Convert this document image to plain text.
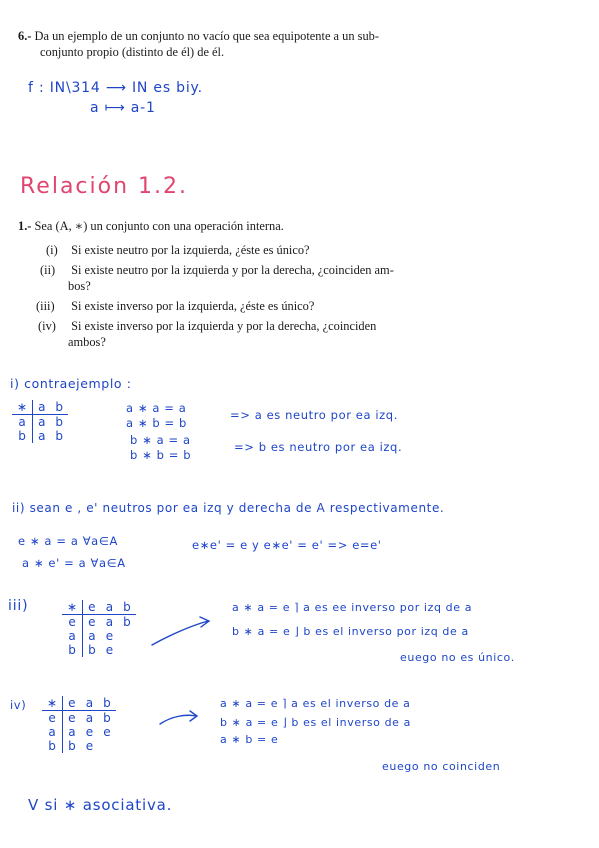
6.- Da un ejemplo de un conjunto no vacío que sea equipotente a un sub-
conjunto propio (distinto de él) de él.
f : IN\314 ⟶ IN es biy.
a ⟼ a-1
Relación 1.2.
1.- Sea (A, ∗) un conjunto con una operación interna.
(i) Si existe neutro por la izquierda, ¿éste es único?
(ii) Si existe neutro por la izquierda y por la derecha, ¿coinciden am-
bos?
(iii) Si existe inverso por la izquierda, ¿éste es único?
(iv) Si existe inverso por la izquierda y por la derecha, ¿coinciden
ambos?
i) contraejemplo :
∗	a	b
a	a	b
b	a	b
a ∗ a = a
a ∗ b = b
b ∗ a = a
b ∗ b = b
=> a es neutro por ea izq.
=> b es neutro por ea izq.
ii) sean e , e' neutros por ea izq y derecha de A respectivamente.
e ∗ a = a ∀a∈A
a ∗ e' = a ∀a∈A
e∗e' = e y e∗e' = e' => e=e'
iii)	∗	e	a	b
e	e	a	b
a	a	e	
b	b	e	
a ∗ a = e ⌉ a es ee inverso por izq de a
b ∗ a = e ⌋ b es el inverso por izq de a
euego no es único.
iv) ∗	e	a	b
e	e	a	b
a	a	e	e
b	b	e	
a ∗ a = e ⌉ a es el inverso de a
b ∗ a = e ⌋ b es el inverso de a
a ∗ b = e
euego no coinciden
V si ∗ asociativa.
